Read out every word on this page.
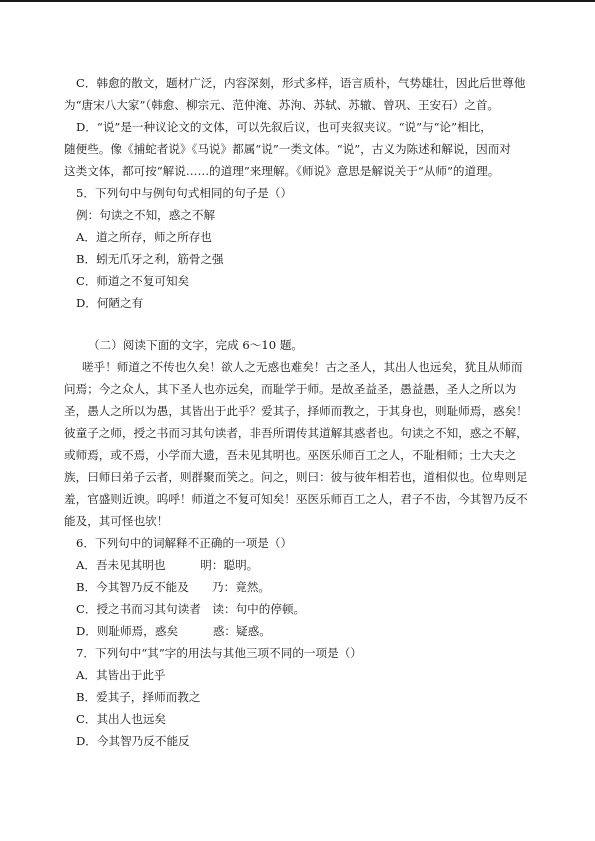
C．韩愈的散文，题材广泛，内容深刻，形式多样，语言质朴，气势雄壮，因此后世尊他
为“唐宋八大家”（韩愈、柳宗元、范仲淹、苏洵、苏轼、苏辙、曾巩、王安石）之首。
D．“说”是一种议论文的文体，可以先叙后议，也可夹叙夹议。“说”与“论”相比，
随便些。像《捕蛇者说》《马说》都属“说”一类文体。“说”，古义为陈述和解说，因而对
这类文体，都可按“解说……的道理”来理解。《师说》意思是解说关于“从师”的道理。
5．下列句中与例句句式相同的句子是（）
例：句读之不知，惑之不解
A．道之所存，师之所存也
B．蚓无爪牙之利，筋骨之强
C．师道之不复可知矣
D．何陋之有
（二）阅读下面的文字，完成 6～10 题。
嗟乎！师道之不传也久矣！欲人之无惑也难矣！古之圣人，其出人也远矣，犹且从师而
问焉；今之众人，其下圣人也亦远矣，而耻学于师。是故圣益圣，愚益愚，圣人之所以为
圣，愚人之所以为愚，其皆出于此乎？爱其子，择师而教之，于其身也，则耻师焉，惑矣！
彼童子之师，授之书而习其句读者，非吾所谓传其道解其惑者也。句读之不知，惑之不解，
或师焉，或不焉，小学而大遗，吾未见其明也。巫医乐师百工之人，不耻相师；士大夫之
族，曰师曰弟子云者，则群聚而笑之。问之，则曰：彼与彼年相若也，道相似也。位卑则足
羞，官盛则近谀。呜呼！师道之不复可知矣！巫医乐师百工之人，君子不齿，今其智乃反不
能及，其可怪也欤！
6．下列句中的词解释不正确的一项是（）
A．吾未见其明也　　　明：聪明。
B．今其智乃反不能及　　乃：竟然。
C．授之书而习其句读者　读：句中的停顿。
D．则耻师焉，惑矣　　　惑：疑惑。
7．下列句中“其”字的用法与其他三项不同的一项是（）
A．其皆出于此乎
B．爱其子，择师而教之
C．其出人也远矣
D．今其智乃反不能反
